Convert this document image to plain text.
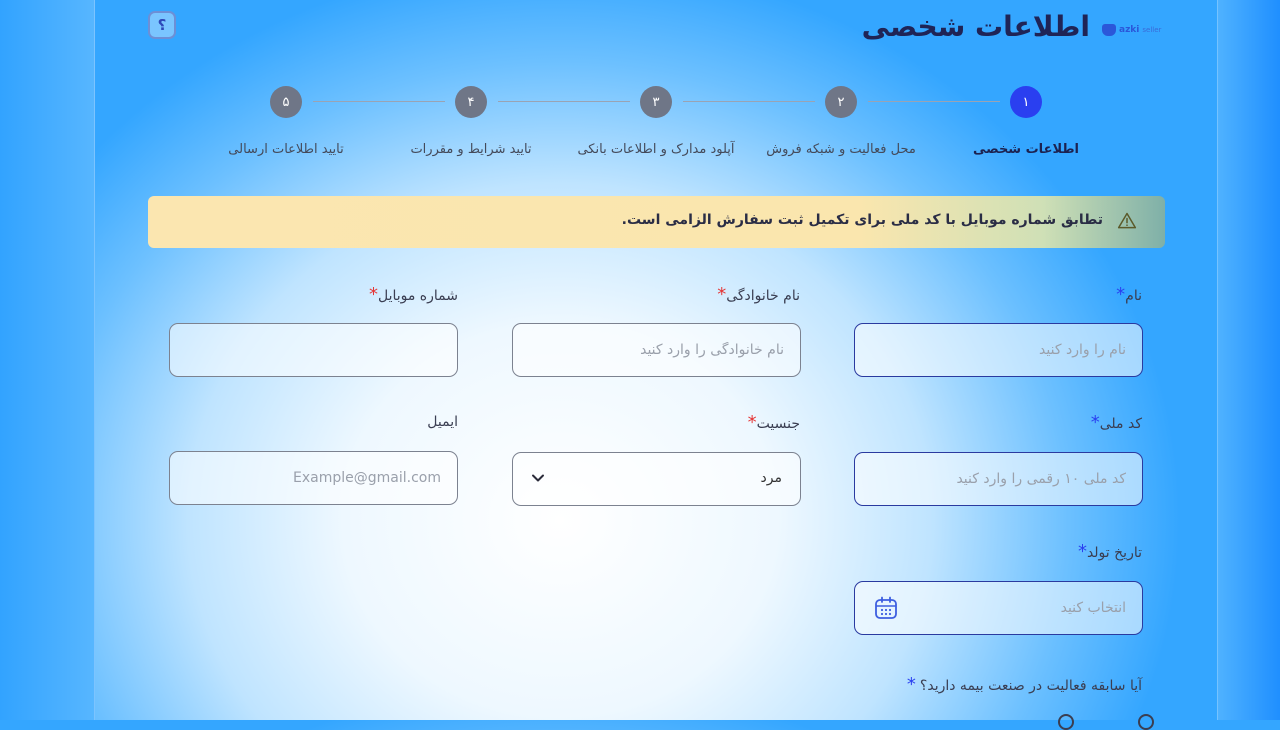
؟	azki seller
اطلاعات شخصی
۱
۲
۳
۴
۵
اطلاعات شخصی
محل فعالیت و شبکه فروش
آپلود مدارک و اطلاعات بانکی
تایید شرایط و مقررات
تایید اطلاعات ارسالی
تطابق شماره موبایل با کد ملی برای تکمیل ثبت سفارش الزامی است.
نام*
نام را وارد کنید
نام خانوادگی*
نام خانوادگی را وارد کنید
شماره موبایل*
کد ملی*
کد ملی ۱۰ رقمی را وارد کنید
جنسیت*
مرد
ایمیل
Example@gmail.com
تاریخ تولد*
انتخاب کنید
آیا سابقه فعالیت در صنعت بیمه دارید؟*
